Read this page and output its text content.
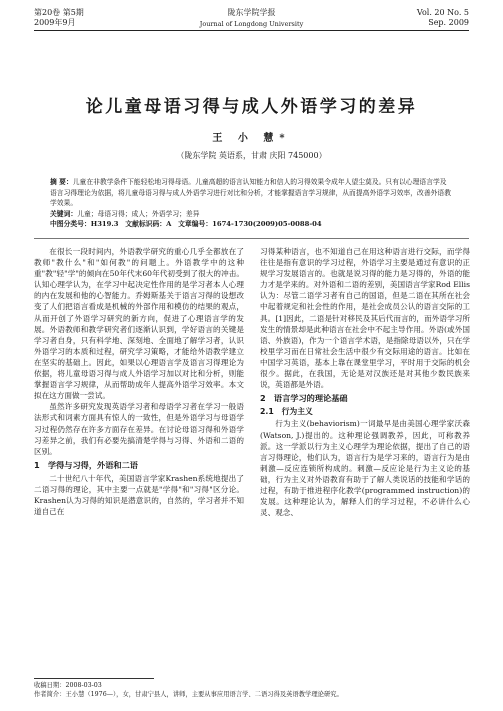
第20卷 第5期
2009年9月
陇东学院学报
Journal of Longdong University
Vol. 20 No. 5
Sep. 2009
论儿童母语习得与成人外语学习的差异
王 小 慧*
（陇东学院 英语系，甘肃 庆阳 745000）

摘 要：儿童在非教学条件下能轻松地习得母语。儿童高超的语言认知能力和信人的习得效果令成年人望尘莫及。只有以心理语言学及语言习得理论为依据，将儿童母语习得与成人外语学习进行对比和分析，才能掌握语言学习规律，从而提高外语学习效率，改善外语教学效果。

关键词：儿童；母语习得；成人；外语学习；差异

中图分类号：H319.3　文献标识码：A　文章编号：1674-1730(2009)05-0088-04

在很长一段时间内，外语教学研究的重心几乎全都放在了教师"教什么"和"如何教"的问题上。外语教学中的这种重"教"轻"学"的倾向在50年代末60年代初受到了很大的冲击。认知心理学认为，在学习中起决定性作用的是学习者本人心理的内在发展和他的心智能力。乔姆斯基关于语言习得的设想改变了人们把语言看成是机械的外部作用和模仿的结果的观点，从而开创了外语学习研究的新方向，促进了心理语言学的发展。外语教师和教学研究者们逐渐认识到，学好语言的关键是学习者自身，只有科学地、深刻地、全面地了解学习者，认识外语学习的本质和过程，研究学习策略，才能给外语教学建立在坚实的基础上。因此，如果以心理语言学及语言习得理论为依据，将儿童母语习得与成人外语学习加以对比和分析，则能掌握语言学习规律，从而帮助成年人提高外语学习效率。本文拟在这方面做一尝试。

虽然许多研究发现英语学习者和母语学习者在学习一般语法形式和词素方面具有惊人的一致性，但是外语学习与母语学习过程仍然存在许多方面存在差异。在讨论母语习得和外语学习差异之前，我们有必要先搞清楚学得与习得、外语和二语的区别。

1　学得与习得，外语和二语

二十世纪八十年代，美国语言学家Krashen系统地提出了二语习得的理论，其中主要一点就是"学得"和"习得"区分论。Krashen认为习得的知识是潜意识的，自然的，学习者并不知道自己在

习得某种语言，也不知道自己在用这种语言进行交际，而学得往往是指有意识的学习过程，外语学习主要是通过有意识的正规学习发展语言的。也就是说习得的能力是习得的，外语的能力才是学来的。对外语和二语的差别，美国语言学家Rod Ellis认为：尽管二语学习者有自己的国语，但是二语在其所在社会中起着规定和社会性的作用，是社会成员公认的语言交际的工具。[1]因此，二语是针对移民及其后代而言的，而外语学习所发生的情景却是此种语言在社会中不起主导作用。外语(或外国语、外族语)，作为一个语言学术语，是指除母语以外，只在学校里学习而在日常社会生活中很少有交际用途的语言。比如在中国学习英语，基本上靠在课堂里学习，平时用于交际的机会很少。据此，在我国，无论是对汉族还是对其他少数民族来说，英语都是外语。

2　语言学习的理论基础
2.1　行为主义

行为主义(behaviorism)一词最早是由美国心理学家沃森(Watson, J.)提出的。这种理论强调教养，因此，可称教养派。这一学派以行为主义心理学为理论依据，提出了自己的语言习得理论，他们认为，语言行为是学习来的，语言行为是由刺激—反应连锁所构成的。刺激—反应论是行为主义论的基础，行为主义对外语教育有助于了解人类说话的技能和学话的过程，有助于推进程序化教学(programmed instruction)的发展。这种理论认为，解释人们的学习过程，不必讲什么心灵、观念、

收稿日期：2008-03-03
作者简介：王小慧（1976—），女，甘肃宁县人，讲师，主要从事应用语言学、二语习得及英语教学理论研究。
